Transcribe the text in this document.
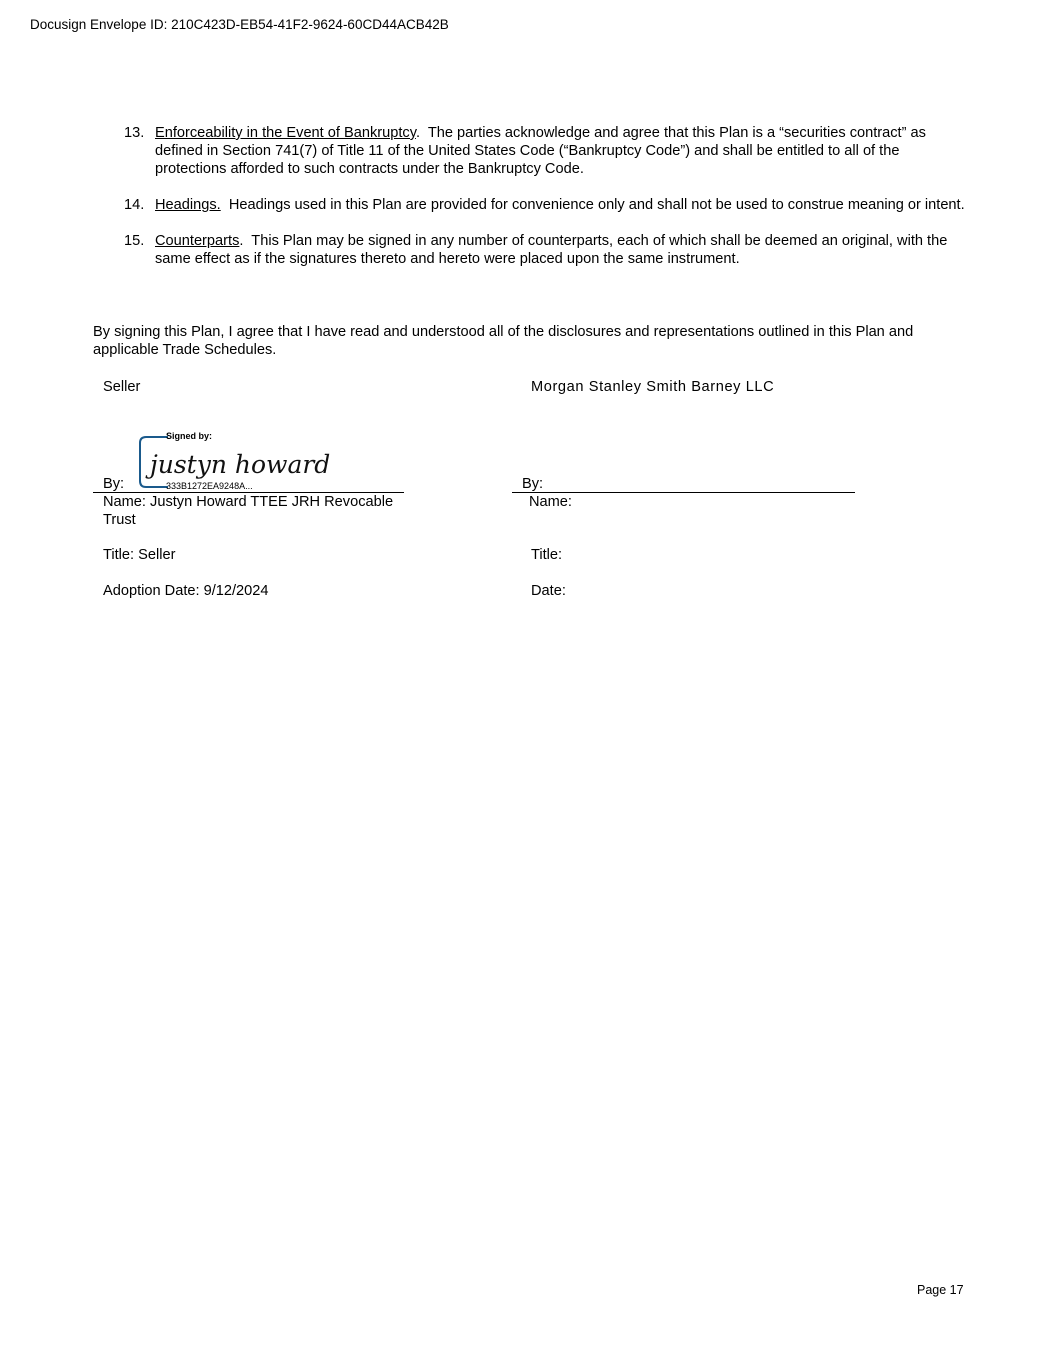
Docusign Envelope ID: 210C423D-EB54-41F2-9624-60CD44ACB42B
13. Enforceability in the Event of Bankruptcy. The parties acknowledge and agree that this Plan is a “securities contract” as defined in Section 741(7) of Title 11 of the United States Code (“Bankruptcy Code”) and shall be entitled to all of the protections afforded to such contracts under the Bankruptcy Code.
14. Headings. Headings used in this Plan are provided for convenience only and shall not be used to construe meaning or intent.
15. Counterparts. This Plan may be signed in any number of counterparts, each of which shall be deemed an original, with the same effect as if the signatures thereto and hereto were placed upon the same instrument.
By signing this Plan, I agree that I have read and understood all of the disclosures and representations outlined in this Plan and applicable Trade Schedules.
Seller
Signed by:
justyn howard
333B1272EA9248A...
By:
Name: Justyn Howard TTEE JRH Revocable
Trust
Title: Seller
Adoption Date: 9/12/2024
Morgan Stanley Smith Barney LLC
By:
Name:
Title:
Date:
Page 17
